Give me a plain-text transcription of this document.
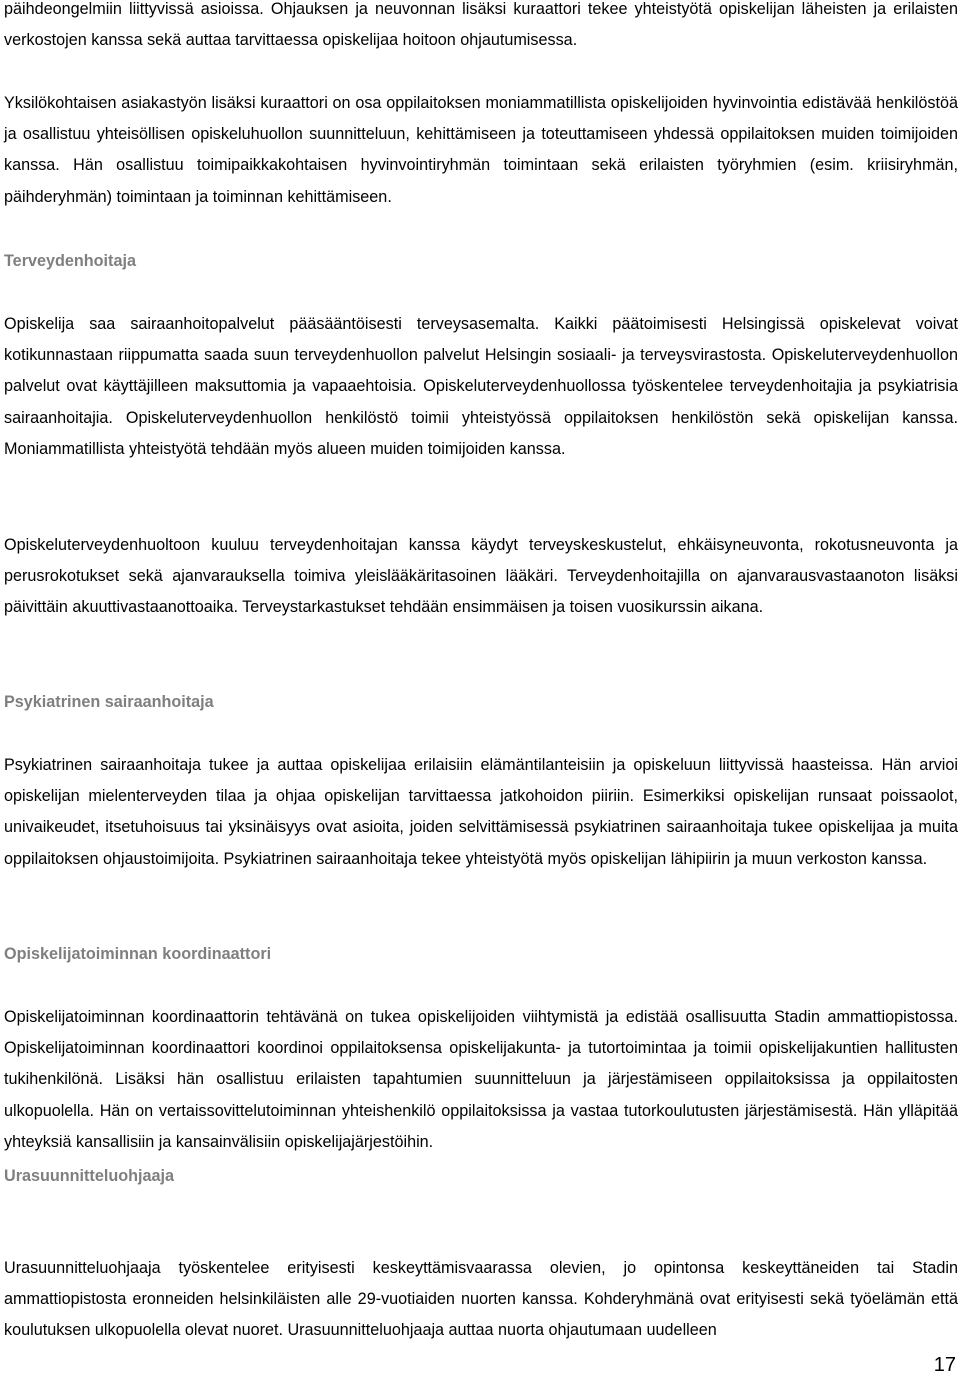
päihdeongelmiin liittyvissä asioissa. Ohjauksen ja neuvonnan lisäksi kuraattori tekee yhteistyötä opiskelijan läheisten ja erilaisten verkostojen kanssa sekä auttaa tarvittaessa opiskelijaa hoitoon ohjautumisessa.

Yksilökohtaisen asiakastyön lisäksi kuraattori on osa oppilaitoksen moniammatillista opiskelijoiden hyvinvointia edistävää henkilöstöä ja osallistuu yhteisöllisen opiskeluhuollon suunnitteluun, kehittämiseen ja toteuttamiseen yhdessä oppilaitoksen muiden toimijoiden kanssa. Hän osallistuu toimipaikkakohtaisen hyvinvointiryhmän toimintaan sekä erilaisten työryhmien (esim. kriisiryhmän, päihderyhmän) toimintaan ja toiminnan kehittämiseen.

Terveydenhoitaja

Opiskelija saa sairaanhoitopalvelut pääsääntöisesti terveysasemalta. Kaikki päätoimisesti Helsingissä opiskelevat voivat kotikunnastaan riippumatta saada suun terveydenhuollon palvelut Helsingin sosiaali- ja terveysvirastosta. Opiskeluterveydenhuollon palvelut ovat käyttäjilleen maksuttomia ja vapaaehtoisia. Opiskeluterveydenhuollossa työskentelee terveydenhoitajia ja psykiatrisia sairaanhoitajia. Opiskeluterveydenhuollon henkilöstö toimii yhteistyössä oppilaitoksen henkilöstön sekä opiskelijan kanssa. Moniammatillista yhteistyötä tehdään myös alueen muiden toimijoiden kanssa.

Opiskeluterveydenhuoltoon kuuluu terveydenhoitajan kanssa käydyt terveyskeskustelut, ehkäisyneuvonta, rokotusneuvonta ja perusrokotukset sekä ajanvarauksella toimiva yleislääkäritasoinen lääkäri. Terveydenhoitajilla on ajanvarausvastaanoton lisäksi päivittäin akuuttivastaanottoaika. Terveystarkastukset tehdään ensimmäisen ja toisen vuosikurssin aikana.

Psykiatrinen sairaanhoitaja

Psykiatrinen sairaanhoitaja tukee ja auttaa opiskelijaa erilaisiin elämäntilanteisiin ja opiskeluun liittyvissä haasteissa. Hän arvioi opiskelijan mielenterveyden tilaa ja ohjaa opiskelijan tarvittaessa jatkohoidon piiriin. Esimerkiksi opiskelijan runsaat poissaolot, univaikeudet, itsetuhoisuus tai yksinäisyys ovat asioita, joiden selvittämisessä psykiatrinen sairaanhoitaja tukee opiskelijaa ja muita oppilaitoksen ohjaustoimijoita. Psykiatrinen sairaanhoitaja tekee yhteistyötä myös opiskelijan lähipiirin ja muun verkoston kanssa.

Opiskelijatoiminnan koordinaattori

Opiskelijatoiminnan koordinaattorin tehtävänä on tukea opiskelijoiden viihtymistä ja edistää osallisuutta Stadin ammattiopistossa. Opiskelijatoiminnan koordinaattori koordinoi oppilaitoksensa opiskelijakunta- ja tutortoimintaa ja toimii opiskelijakuntien hallitusten tukihenkilönä. Lisäksi hän osallistuu erilaisten tapahtumien suunnitteluun ja järjestämiseen oppilaitoksissa ja oppilaitosten ulkopuolella. Hän on vertaissovittelutoiminnan yhteishenkilö oppilaitoksissa ja vastaa tutorkoulutusten järjestämisestä. Hän ylläpitää yhteyksiä kansallisiin ja kansainvälisiin opiskelijajärjestöihin.

Urasuunnitteluohjaaja

Urasuunnitteluohjaaja työskentelee erityisesti keskeyttämisvaarassa olevien, jo opintonsa keskeyttäneiden tai Stadin ammattiopistosta eronneiden helsinkiläisten alle 29-vuotiaiden nuorten kanssa. Kohderyhmänä ovat erityisesti sekä työelämän että koulutuksen ulkopuolella olevat nuoret. Urasuunnitteluohjaaja auttaa nuorta ohjautumaan uudelleen

17
